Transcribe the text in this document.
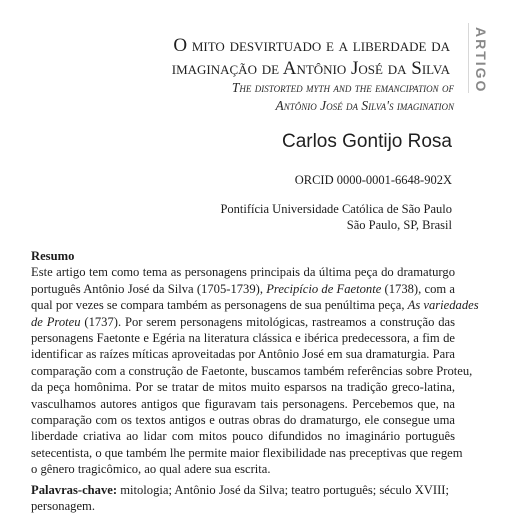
ARTIGO
O mito desvirtuado e a liberdade da
imaginação de Antônio José da Silva
The distorted myth and the emancipation of
Antônio José da Silva's imagination
Carlos Gontijo Rosa
ORCID 0000-0001-6648-902X
Pontifícia Universidade Católica de São Paulo
São Paulo, SP, Brasil
Resumo
Este artigo tem como tema as personagens principais da última peça do dramaturgo
português Antônio José da Silva (1705-1739), Precipício de Faetonte (1738), com a
qual por vezes se compara também as personagens de sua penúltima peça, As variedades
de Proteu (1737). Por serem personagens mitológicas, rastreamos a construção das
personagens Faetonte e Egéria na literatura clássica e ibérica predecessora, a fim de
identificar as raízes míticas aproveitadas por Antônio José em sua dramaturgia. Para
comparação com a construção de Faetonte, buscamos também referências sobre Proteu,
da peça homônima. Por se tratar de mitos muito esparsos na tradição greco-latina,
vasculhamos autores antigos que figuravam tais personagens. Percebemos que, na
comparação com os textos antigos e outras obras do dramaturgo, ele consegue uma
liberdade criativa ao lidar com mitos pouco difundidos no imaginário português
setecentista, o que também lhe permite maior flexibilidade nas preceptivas que regem
o gênero tragicômico, ao qual adere sua escrita.
Palavras-chave: mitologia; Antônio José da Silva; teatro português; século XVIII;
personagem.
